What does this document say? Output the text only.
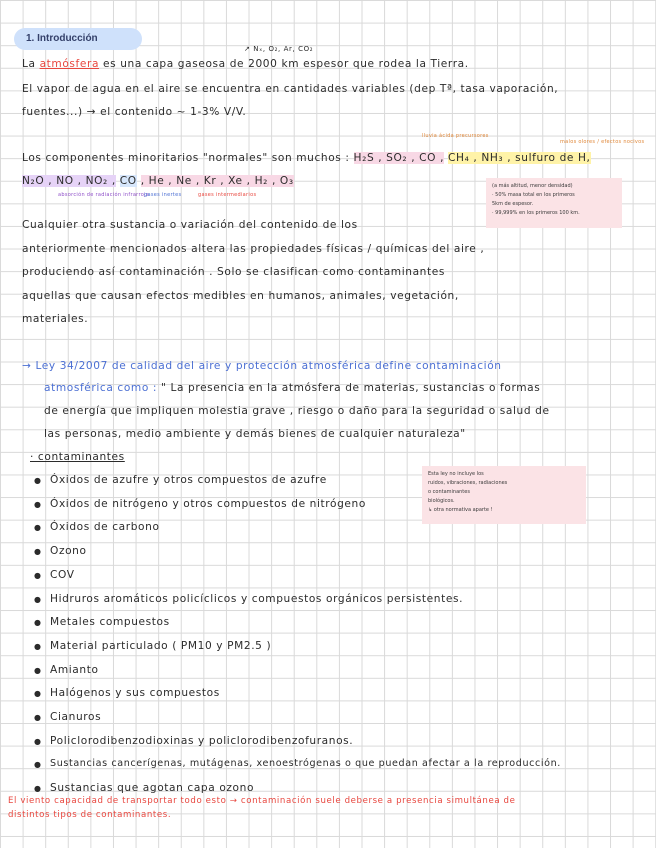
1. Introducción
↗ Nₓ, O₂, Ar, CO₂
La atmósfera es una capa gaseosa de 2000 km espesor que rodea la Tierra.
El vapor de agua en el aire se encuentra en cantidades variables (dep Tª, tasa vaporación,
fuentes...) → el contenido ~ 1-3% V/V.
lluvia ácida precursores
malos olores / efectos nocivos
Los componentes minoritarios "normales" son muchos : H₂S , SO₂ , CO , CH₄ , NH₃ , sulfuro de H,
N₂O , NO , NO₂ , CO , He , Ne , Kr , Xe , H₂ , O₃
absorción de radiación infrarroja
gases inertes	gases intermediarios
(a más altitud, menor densidad)
· 50% masa total en los primeros
5km de espesor.
· 99,999% en los primeros 100 km.
Cualquier otra sustancia o variación del contenido de los
anteriormente mencionados altera las propiedades físicas / químicas del aire ,
produciendo así contaminación . Solo se clasifican como contaminantes
aquellas que causan efectos medibles en humanos, animales, vegetación,
materiales.
→ Ley 34/2007 de calidad del aire y protección atmosférica define contaminación
atmosférica como : " La presencia en la atmósfera de materias, sustancias o formas
de energía que impliquen molestia grave , riesgo o daño para la seguridad o salud de
las personas, medio ambiente y demás bienes de cualquier naturaleza"
· contaminantes
Esta ley no incluye los
ruidos, vibraciones, radiaciones
o contaminantes
biológicos.
↳ otra normativa aparte !
● Óxidos de azufre y otros compuestos de azufre
● Óxidos de nitrógeno y otros compuestos de nitrógeno
● Óxidos de carbono
● Ozono
● COV
● Hidruros aromáticos policíclicos y compuestos orgánicos persistentes.
● Metales compuestos
● Material particulado ( PM10 y PM2.5 )
● Amianto
● Halógenos y sus compuestos
● Cianuros
● Policlorodibenzodioxinas y policlorodibenzofuranos.
● Sustancias cancerígenas, mutágenas, xenoestrógenas o que puedan afectar a la reproducción.
● Sustancias que agotan capa ozono
El viento capacidad de transportar todo esto → contaminación suele deberse a presencia simultánea de
distintos tipos de contaminantes.
